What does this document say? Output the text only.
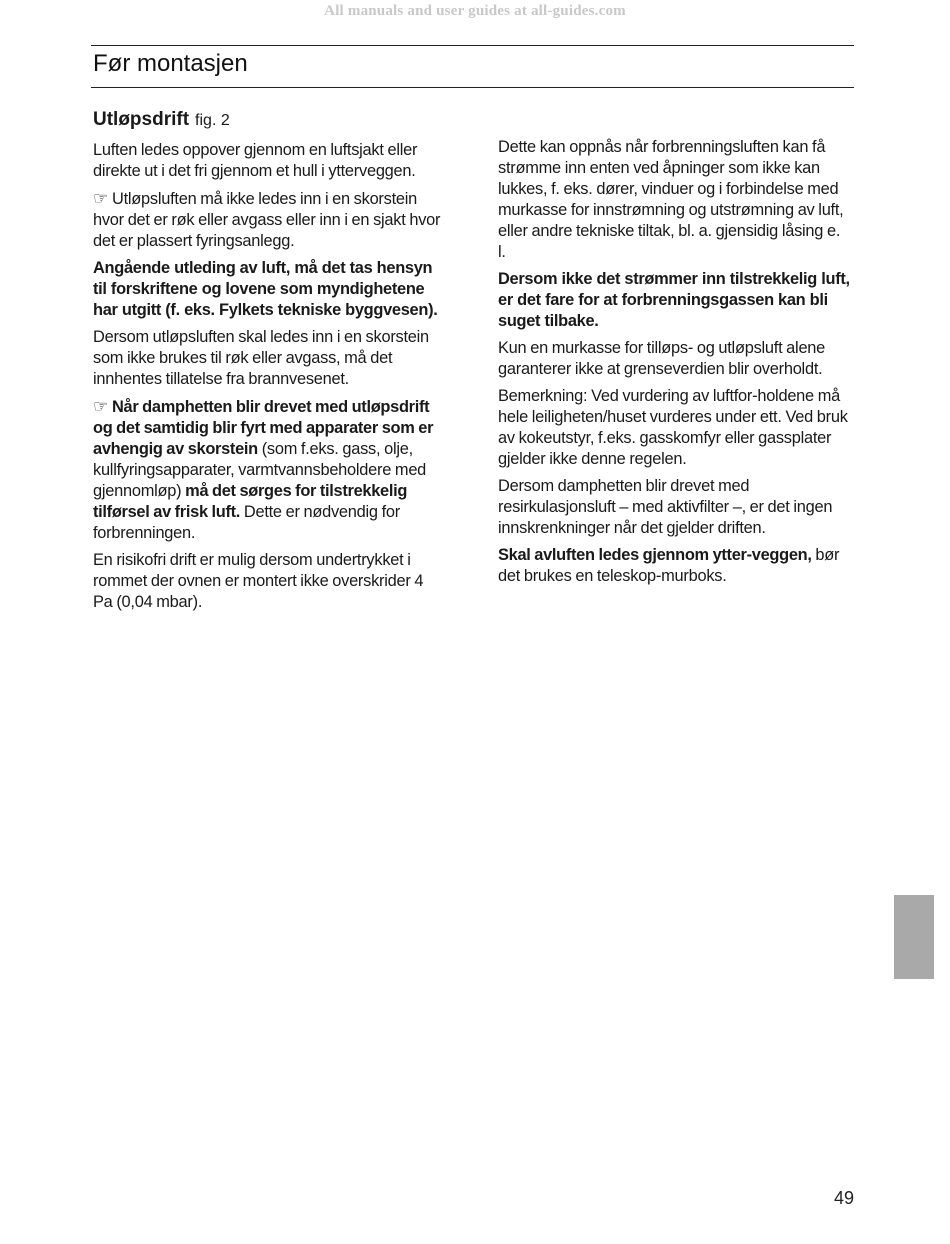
All manuals and user guides at all-guides.com
Før montasjen
Utløpsdrift fig. 2

Luften ledes oppover gjennom en luftsjakt eller direkte ut i det fri gjennom et hull i ytterveggen.

☞ Utløpsluften må ikke ledes inn i en skorstein hvor det er røk eller avgass eller inn i en sjakt hvor det er plassert fyringsanlegg.

Angående utleding av luft, må det tas hensyn til forskriftene og lovene som myndighetene har utgitt (f. eks. Fylkets tekniske byggvesen).

Dersom utløpsluften skal ledes inn i en skorstein som ikke brukes til røk eller avgass, må det innhentes tillatelse fra brannvesenet.

☞ Når damphetten blir drevet med utløpsdrift og det samtidig blir fyrt med apparater som er avhengig av skorstein (som f.eks. gass, olje, kullfyringsapparater, varmtvannsbeholdere med gjennomløp) må det sørges for tilstrekkelig tilførsel av frisk luft. Dette er nødvendig for forbrenningen.

En risikofri drift er mulig dersom undertrykket i rommet der ovnen er montert ikke overskrider 4 Pa (0,04 mbar).

Dette kan oppnås når forbrenningsluften kan få strømme inn enten ved åpninger som ikke kan lukkes, f. eks. dører, vinduer og i forbindelse med murkasse for innstrømning og utstrømning av luft, eller andre tekniske tiltak, bl. a. gjensidig låsing e. l.

Dersom ikke det strømmer inn tilstrekkelig luft, er det fare for at forbrenningsgassen kan bli suget tilbake.

Kun en murkasse for tilløps- og utløpsluft alene garanterer ikke at grenseverdien blir overholdt.

Bemerkning: Ved vurdering av luftfor-holdene må hele leiligheten/huset vurderes under ett. Ved bruk av kokeutstyr, f.eks. gasskomfyr eller gassplater gjelder ikke denne regelen.

Dersom damphetten blir drevet med resirkulasjonsluft – med aktivfilter –, er det ingen innskrenkninger når det gjelder driften.

Skal avluften ledes gjennom ytter-veggen, bør det brukes en teleskop-murboks.

49
